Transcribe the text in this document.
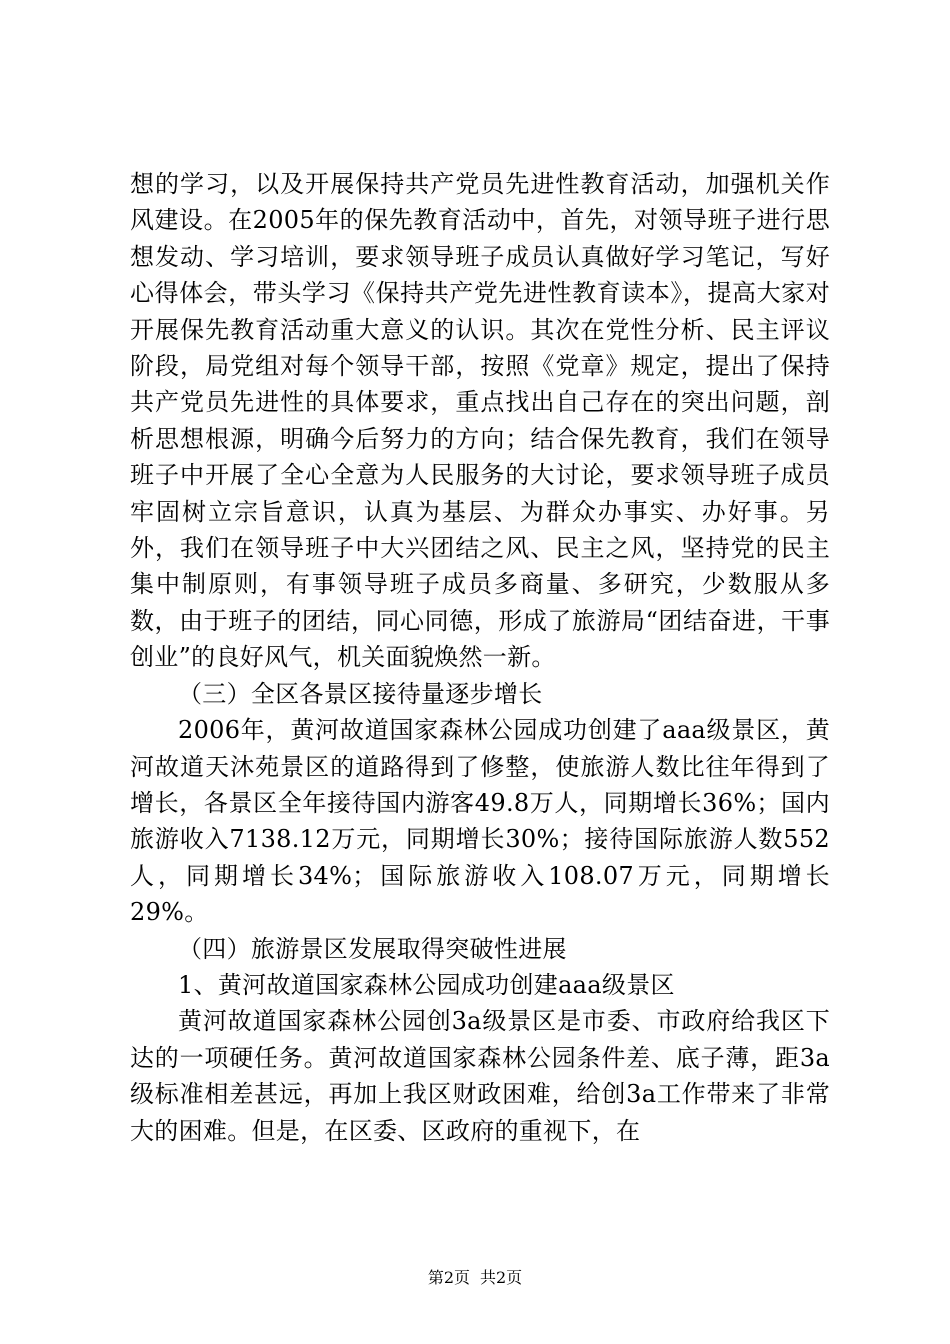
想的学习，以及开展保持共产党员先进性教育活动，加强机关作风建设。在2005年的保先教育活动中，首先，对领导班子进行思想发动、学习培训，要求领导班子成员认真做好学习笔记，写好心得体会，带头学习《保持共产党先进性教育读本》，提高大家对开展保先教育活动重大意义的认识。其次在党性分析、民主评议阶段，局党组对每个领导干部，按照《党章》规定，提出了保持共产党员先进性的具体要求，重点找出自己存在的突出问题，剖析思想根源，明确今后努力的方向；结合保先教育，我们在领导班子中开展了全心全意为人民服务的大讨论，要求领导班子成员牢固树立宗旨意识，认真为基层、为群众办事实、办好事。另外，我们在领导班子中大兴团结之风、民主之风，坚持党的民主集中制原则，有事领导班子成员多商量、多研究，少数服从多数，由于班子的团结，同心同德，形成了旅游局“团结奋进，干事创业”的良好风气，机关面貌焕然一新。

（三）全区各景区接待量逐步增长

2006年，黄河故道国家森林公园成功创建了aaa级景区，黄河故道天沐苑景区的道路得到了修整，使旅游人数比往年得到了增长，各景区全年接待国内游客49.8万人，同期增长36%；国内旅游收入7138.12万元，同期增长30%；接待国际旅游人数552人，同期增长34%；国际旅游收入108.07万元，同期增长29%。

（四）旅游景区发展取得突破性进展

1、黄河故道国家森林公园成功创建aaa级景区

黄河故道国家森林公园创3a级景区是市委、市政府给我区下达的一项硬任务。黄河故道国家森林公园条件差、底子薄，距3a级标准相差甚远，再加上我区财政困难，给创3a工作带来了非常大的困难。但是，在区委、区政府的重视下，在

第2页 共2页
